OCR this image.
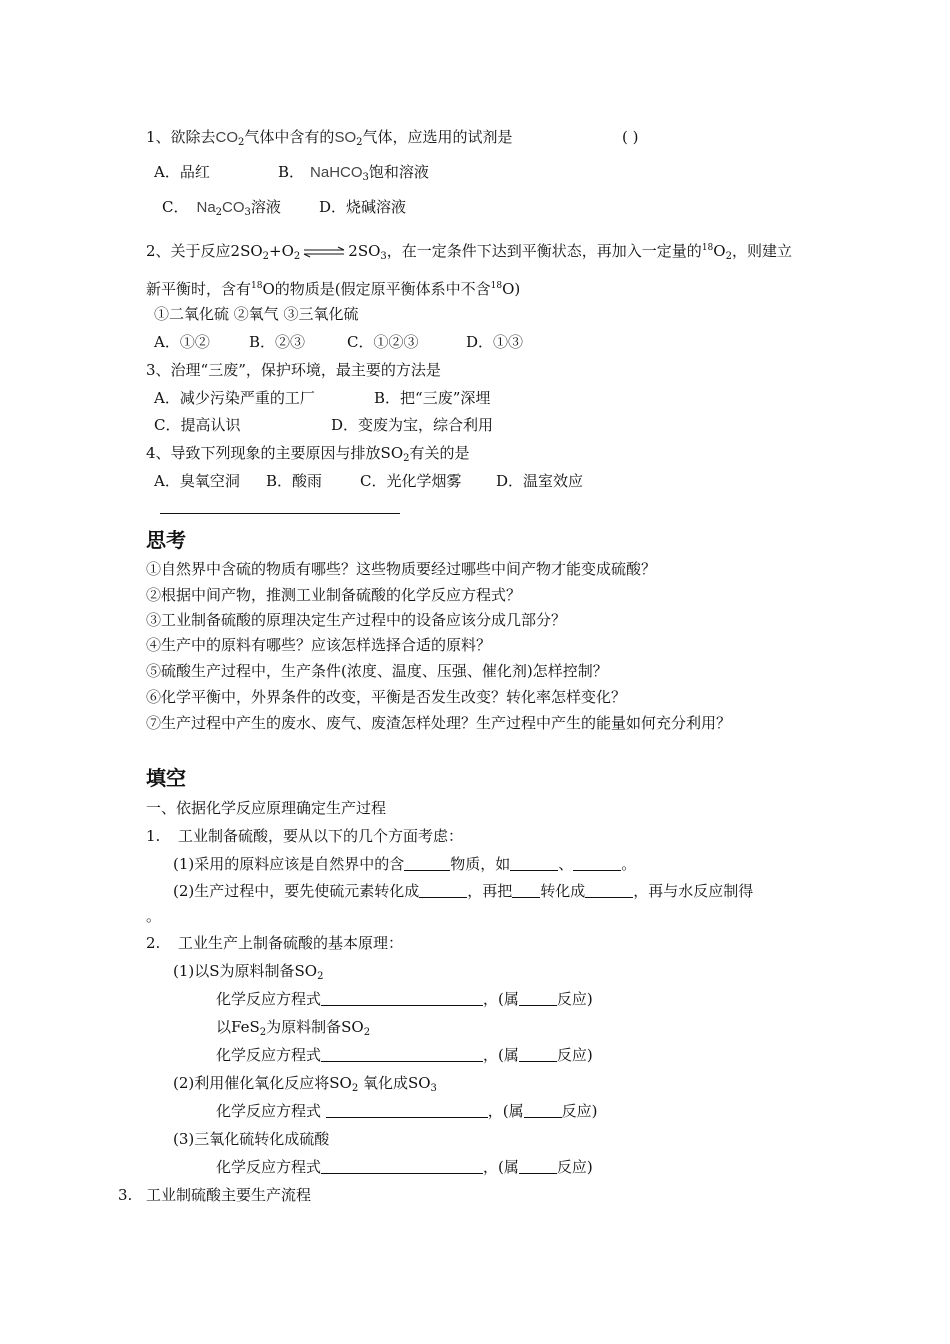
1、欲除去$CO_2$气体中含有的$SO_2$气体，应选用的试剂是	( )
A．品红	B． NaHCO$_3$饱和溶液
C． $Na_2CO_3$溶液	D．烧碱溶液
2、关于反应$2SO_2+O_2$ ⇌ $2SO_3$，在一定条件下达到平衡状态，再加入一定量的$^{18}O_2$，则建立
新平衡时，含有$^{18}$O的物质是(假定原平衡体系中不含$^{18}$O)
①二氧化硫 ②氧气 ③三氧化硫
A．①②	B．②③	C．①②③	D．①③
3、治理“三废”，保护环境，最主要的方法是
A．减少污染严重的工厂	B．把“三废”深埋
C．提高认识	D．变废为宝，综合利用
4、导致下列现象的主要原因与排放$SO_2$有关的是
A．臭氧空洞 B．酸雨	C．光化学烟雾 D．温室效应
思考
①自然界中含硫的物质有哪些？这些物质要经过哪些中间产物才能变成硫酸？
②根据中间产物，推测工业制备硫酸的化学反应方程式？
③工业制备硫酸的原理决定生产过程中的设备应该分成几部分？
④生产中的原料有哪些？应该怎样选择合适的原料？
⑤硫酸生产过程中，生产条件(浓度、温度、压强、催化剂)怎样控制？
⑥化学平衡中，外界条件的改变，平衡是否发生改变？转化率怎样变化？
⑦生产过程中产生的废水、废气、废渣怎样处理？生产过程中产生的能量如何充分利用？
填空
一、依据化学反应原理确定生产过程
1. 工业制备硫酸，要从以下的几个方面考虑：
(1)采用的原料应该是自然界中的含	物质，如	、	。
(2)生产过程中，要先使硫元素转化成	，再把 转化成	，再与水反应制得
。
2. 工业生产上制备硫酸的基本原理：
(1)以S为原料制备$SO_2$
化学反应方程式	，(属	反应)
以FeS$_2$为原料制备$SO_2$
化学反应方程式	，(属	反应)
(2)利用催化氧化反应将$SO_2$ 氧化成$SO_3$
化学反应方程式	，(属	反应)
(3)三氧化硫转化成硫酸
化学反应方程式	，(属	反应)
3. 工业制硫酸主要生产流程
